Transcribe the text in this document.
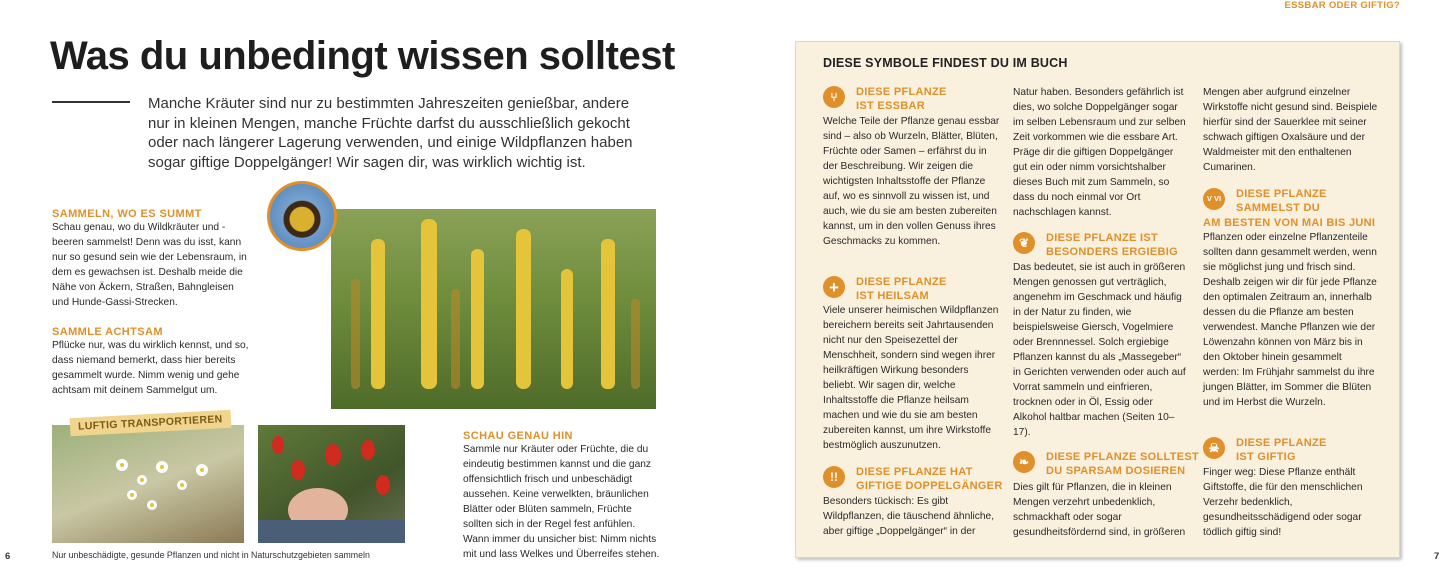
Was du unbedingt wissen solltest
Manche Kräuter sind nur zu bestimmten Jahreszeiten genießbar, andere nur in kleinen Mengen, manche Früchte darfst du ausschließlich gekocht oder nach längerer Lagerung verwenden, und einige Wildpflanzen haben sogar giftige Doppelgänger! Wir sagen dir, was wirklich wichtig ist.
SAMMELN, WO ES SUMMT
Schau genau, wo du Wildkräuter und -beeren sammelst! Denn was du isst, kann nur so gesund sein wie der Lebensraum, in dem es gewachsen ist. Deshalb meide die Nähe von Äckern, Straßen, Bahngleisen und Hunde-Gassi-Strecken.
SAMMLE ACHTSAM
Pflücke nur, was du wirklich kennst, und so, dass niemand bemerkt, dass hier bereits gesammelt wurde. Nimm wenig und gehe achtsam mit deinem Sammelgut um.
SCHAU GENAU HIN
Sammle nur Kräuter oder Früchte, die du eindeutig bestimmen kannst und die ganz offensichtlich frisch und unbeschädigt aussehen. Keine verwelkten, bräunlichen Blätter oder Blüten sammeln, Früchte sollten sich in der Regel fest anfühlen. Wann immer du unsicher bist: Nimm nichts mit und lass Welkes und Überreifes stehen.
LUFTIG TRANSPORTIEREN
Nur unbeschädigte, gesunde Pflanzen und nicht in Naturschutzgebieten sammeln
6
ESSBAR ODER GIFTIG?
7
DIESE SYMBOLE FINDEST DU IM BUCH
⑂	DIESE PFLANZE
IST ESSBAR
Welche Teile der Pflanze genau essbar sind – also ob Wurzeln, Blätter, Blüten, Früchte oder Samen – erfährst du in der Beschreibung. Wir zeigen die wichtigsten Inhaltsstoffe der Pflanze auf, wo es sinnvoll zu wissen ist, und auch, wie du sie am besten zubereiten kannst, um in den vollen Genuss ihres Geschmacks zu kommen.
+	DIESE PFLANZE
IST HEILSAM
Viele unserer heimischen Wildpflanzen bereichern bereits seit Jahrtausenden nicht nur den Speisezettel der Menschheit, sondern sind wegen ihrer heilkräftigen Wirkung besonders beliebt. Wir sagen dir, welche Inhaltsstoffe die Pflanze heilsam machen und wie du sie am besten zubereiten kannst, um ihre Wirkstoffe bestmöglich auszunutzen.
!!	DIESE PFLANZE HAT
GIFTIGE DOPPELGÄNGER
Besonders tückisch: Es gibt Wildpflanzen, die täuschend ähnliche, aber giftige „Doppelgänger“ in der
Natur haben. Besonders gefährlich ist dies, wo solche Doppelgänger sogar im selben Lebensraum und zur selben Zeit vorkommen wie die essbare Art. Präge dir die giftigen Doppelgänger gut ein oder nimm vorsichtshalber dieses Buch mit zum Sammeln, so dass du noch einmal vor Ort nachschlagen kannst.
❦	DIESE PFLANZE IST
BESONDERS ERGIEBIG
Das bedeutet, sie ist auch in größeren Mengen genossen gut verträglich, angenehm im Geschmack und häufig in der Natur zu finden, wie beispielsweise Giersch, Vogelmiere oder Brennnessel. Solch ergiebige Pflanzen kannst du als „Massegeber“ in Gerichten verwenden oder auch auf Vorrat sammeln und einfrieren, trocknen oder in Öl, Essig oder Alkohol haltbar machen (Seiten 10–17).
❧	DIESE PFLANZE SOLLTEST
DU SPARSAM DOSIEREN
Dies gilt für Pflanzen, die in kleinen Mengen verzehrt unbedenklich, schmackhaft oder sogar gesundheitsfördernd sind, in größeren
Mengen aber aufgrund einzelner Wirkstoffe nicht gesund sind. Beispiele hierfür sind der Sauerklee mit seiner schwach giftigen Oxalsäure und der Waldmeister mit den enthaltenen Cumarinen.
V VI DIESE PFLANZE
SAMMELST DU
AM BESTEN VON MAI BIS JUNI
Pflanzen oder einzelne Pflanzenteile sollten dann gesammelt werden, wenn sie möglichst jung und frisch sind. Deshalb zeigen wir dir für jede Pflanze den optimalen Zeitraum an, innerhalb dessen du die Pflanze am besten verwendest. Manche Pflanzen wie der Löwenzahn können von März bis in den Oktober hinein gesammelt werden: Im Frühjahr sammelst du ihre jungen Blätter, im Sommer die Blüten und im Herbst die Wurzeln.
☠	DIESE PFLANZE
IST GIFTIG
Finger weg: Diese Pflanze enthält Giftstoffe, die für den menschlichen Verzehr bedenklich, gesundheitsschädigend oder sogar tödlich giftig sind!
